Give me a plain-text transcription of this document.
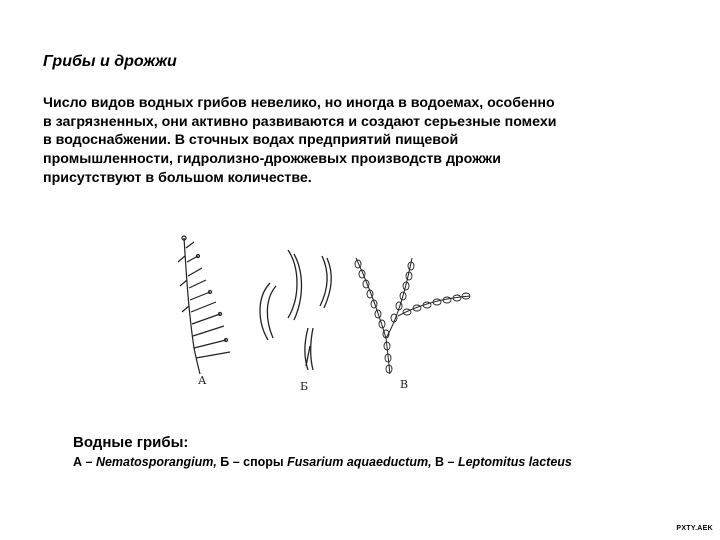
Грибы и дрожжи
Число видов водных грибов невелико, но иногда в водоемах, особенно
в загрязненных, они активно развиваются и создают серьезные помехи
в водоснабжении. В сточных водах предприятий пищевой
промышленности, гидролизно-дрожжевых производств дрожжи
присутствуют в большом количестве.
А	Б	В
Водные грибы:
А – Nematosporangium, Б – споры Fusarium aquaeductum, В – Leptomitus lacteus
PXTY.AEK
